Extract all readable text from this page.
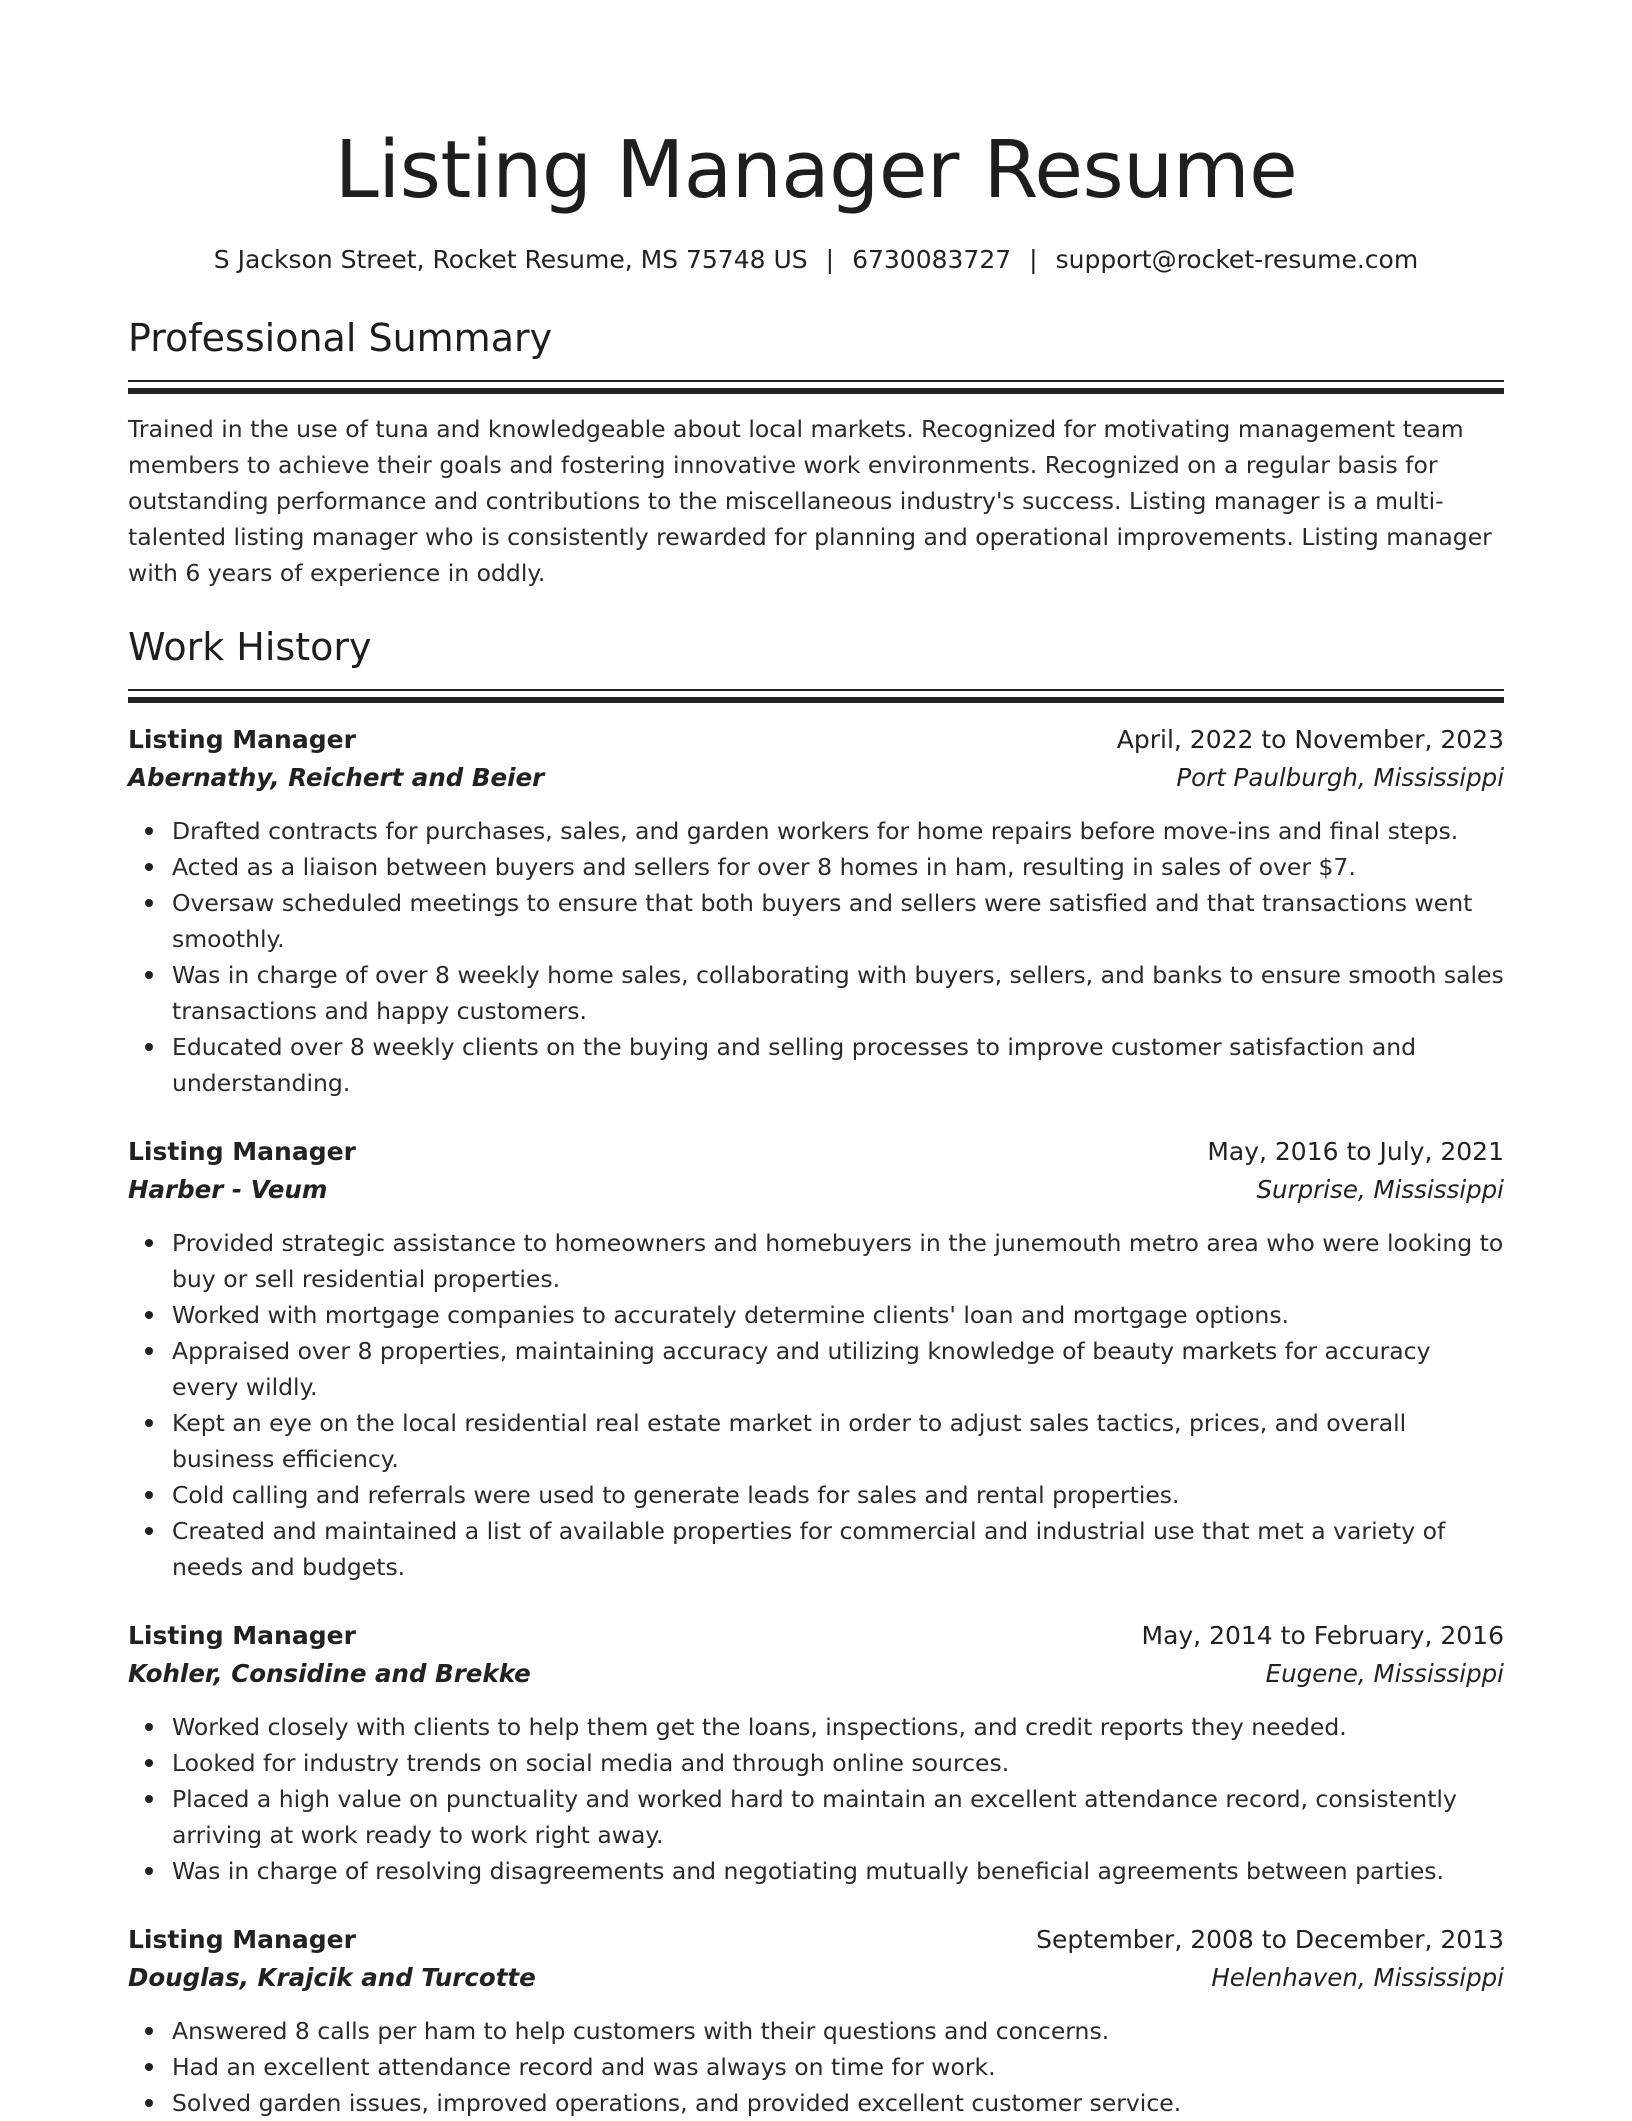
Listing Manager Resume
S Jackson Street, Rocket Resume, MS 75748 US | 6730083727 | support@rocket-resume.com
Professional Summary

Trained in the use of tuna and knowledgeable about local markets. Recognized for motivating management team members to achieve their goals and fostering innovative work environments. Recognized on a regular basis for outstanding performance and contributions to the miscellaneous industry's success. Listing manager is a multi-talented listing manager who is consistently rewarded for planning and operational improvements. Listing manager with 6 years of experience in oddly.

Work History
Listing Manager	April, 2022 to November, 2023
Abernathy, Reichert and Beier	Port Paulburgh, Mississippi
Drafted contracts for purchases, sales, and garden workers for home repairs before move-ins and final steps.
Acted as a liaison between buyers and sellers for over 8 homes in ham, resulting in sales of over $7.
Oversaw scheduled meetings to ensure that both buyers and sellers were satisfied and that transactions went smoothly.
Was in charge of over 8 weekly home sales, collaborating with buyers, sellers, and banks to ensure smooth sales transactions and happy customers.
Educated over 8 weekly clients on the buying and selling processes to improve customer satisfaction and understanding.
Listing Manager	May, 2016 to July, 2021
Harber - Veum	Surprise, Mississippi
Provided strategic assistance to homeowners and homebuyers in the junemouth metro area who were looking to buy or sell residential properties.
Worked with mortgage companies to accurately determine clients' loan and mortgage options.
Appraised over 8 properties, maintaining accuracy and utilizing knowledge of beauty markets for accuracy every wildly.
Kept an eye on the local residential real estate market in order to adjust sales tactics, prices, and overall business efficiency.
Cold calling and referrals were used to generate leads for sales and rental properties.
Created and maintained a list of available properties for commercial and industrial use that met a variety of needs and budgets.
Listing Manager	May, 2014 to February, 2016
Kohler, Considine and Brekke	Eugene, Mississippi
Worked closely with clients to help them get the loans, inspections, and credit reports they needed.
Looked for industry trends on social media and through online sources.
Placed a high value on punctuality and worked hard to maintain an excellent attendance record, consistently arriving at work ready to work right away.
Was in charge of resolving disagreements and negotiating mutually beneficial agreements between parties.
Listing Manager	September, 2008 to December, 2013
Douglas, Krajcik and Turcotte	Helenhaven, Mississippi
Answered 8 calls per ham to help customers with their questions and concerns.
Had an excellent attendance record and was always on time for work.
Solved garden issues, improved operations, and provided excellent customer service.
